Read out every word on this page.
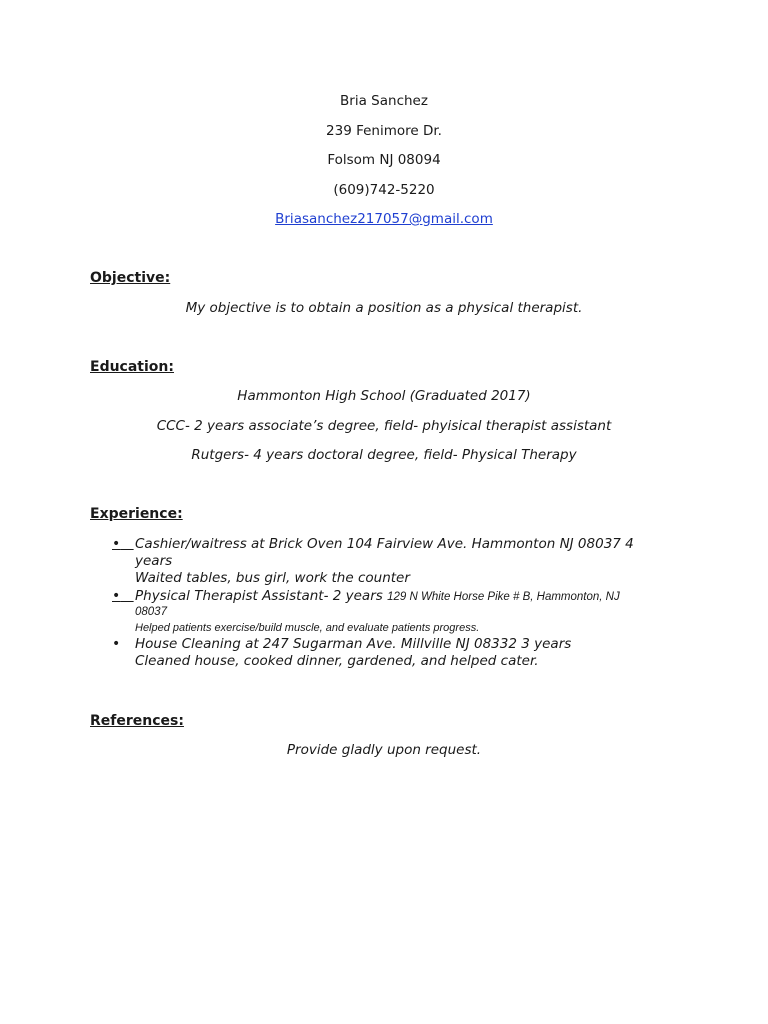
Bria Sanchez
239 Fenimore Dr.
Folsom NJ 08094
(609)742-5220
Briasanchez217057@gmail.com
Objective:
My objective is to obtain a position as a physical therapist.
Education:
Hammonton High School (Graduated 2017)
CCC- 2 years associate’s degree, field- phyisical therapist assistant
Rutgers- 4 years doctoral degree, field- Physical Therapy
Experience:
•	Cashier/waitress at Brick Oven 104 Fairview Ave. Hammonton NJ 08037 4
years
Waited tables, bus girl, work the counter
•	Physical Therapist Assistant- 2 years 129 N White Horse Pike # B, Hammonton, NJ
08037
Helped patients exercise/build muscle, and evaluate patients progress.
• House Cleaning at 247 Sugarman Ave. Millville NJ 08332 3 years
Cleaned house, cooked dinner, gardened, and helped cater.
References:
Provide gladly upon request.
